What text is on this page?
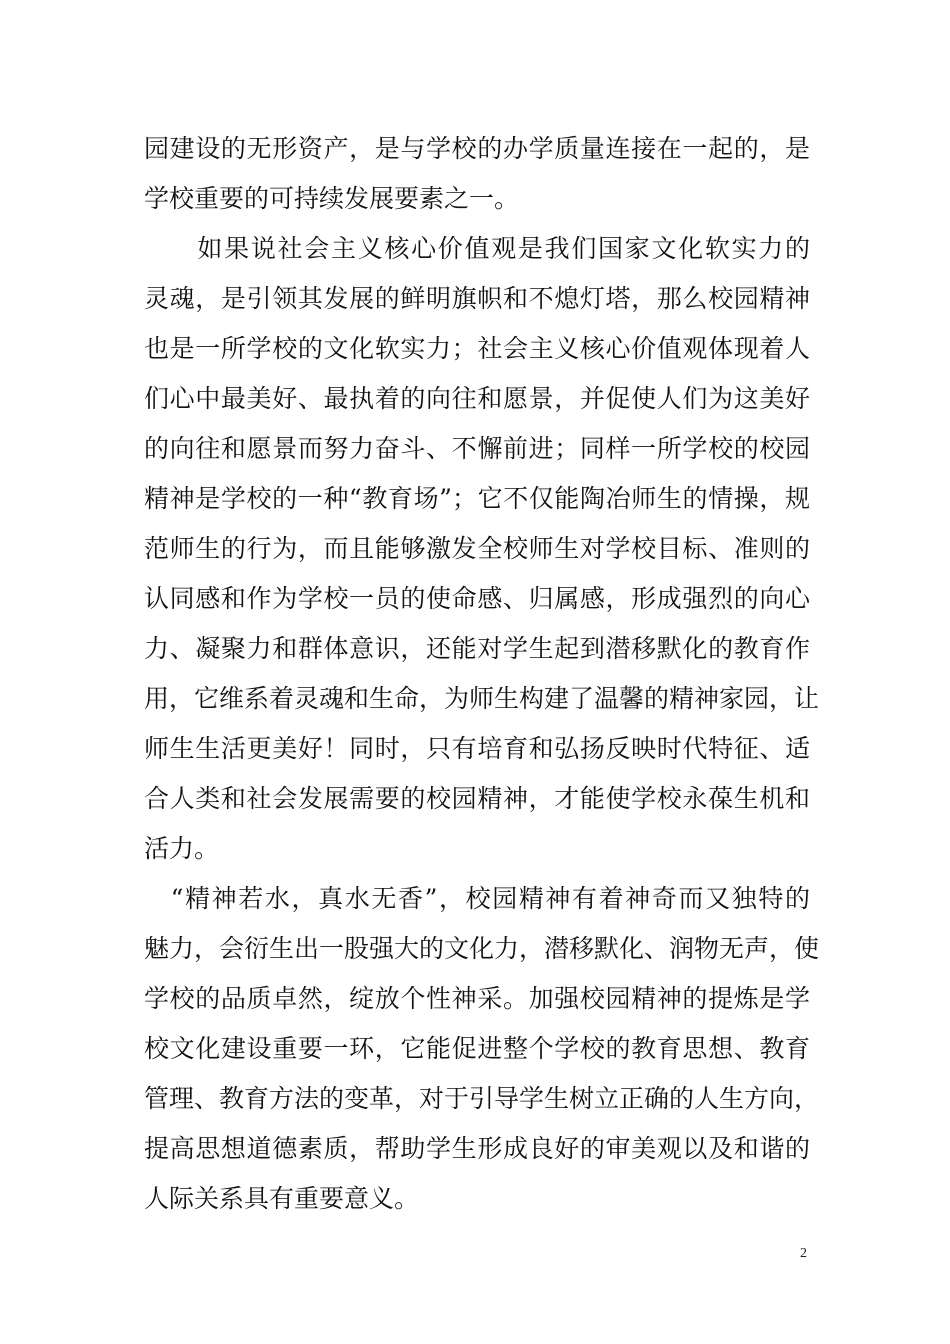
园建设的无形资产，是与学校的办学质量连接在一起的，是
学校重要的可持续发展要素之一。
　　如果说社会主义核心价值观是我们国家文化软实力的
灵魂，是引领其发展的鲜明旗帜和不熄灯塔，那么校园精神
也是一所学校的文化软实力；社会主义核心价值观体现着人
们心中最美好、最执着的向往和愿景，并促使人们为这美好
的向往和愿景而努力奋斗、不懈前进；同样一所学校的校园
精神是学校的一种“教育场”；它不仅能陶冶师生的情操，规
范师生的行为，而且能够激发全校师生对学校目标、准则的
认同感和作为学校一员的使命感、归属感，形成强烈的向心
力、凝聚力和群体意识，还能对学生起到潜移默化的教育作
用，它维系着灵魂和生命，为师生构建了温馨的精神家园，让
师生生活更美好！同时，只有培育和弘扬反映时代特征、适
合人类和社会发展需要的校园精神，才能使学校永葆生机和
活力。
　“精神若水，真水无香”，校园精神有着神奇而又独特的
魅力，会衍生出一股强大的文化力，潜移默化、润物无声，使
学校的品质卓然，绽放个性神采。加强校园精神的提炼是学
校文化建设重要一环，它能促进整个学校的教育思想、教育
管理、教育方法的变革，对于引导学生树立正确的人生方向，
提高思想道德素质，帮助学生形成良好的审美观以及和谐的
人际关系具有重要意义。
2
